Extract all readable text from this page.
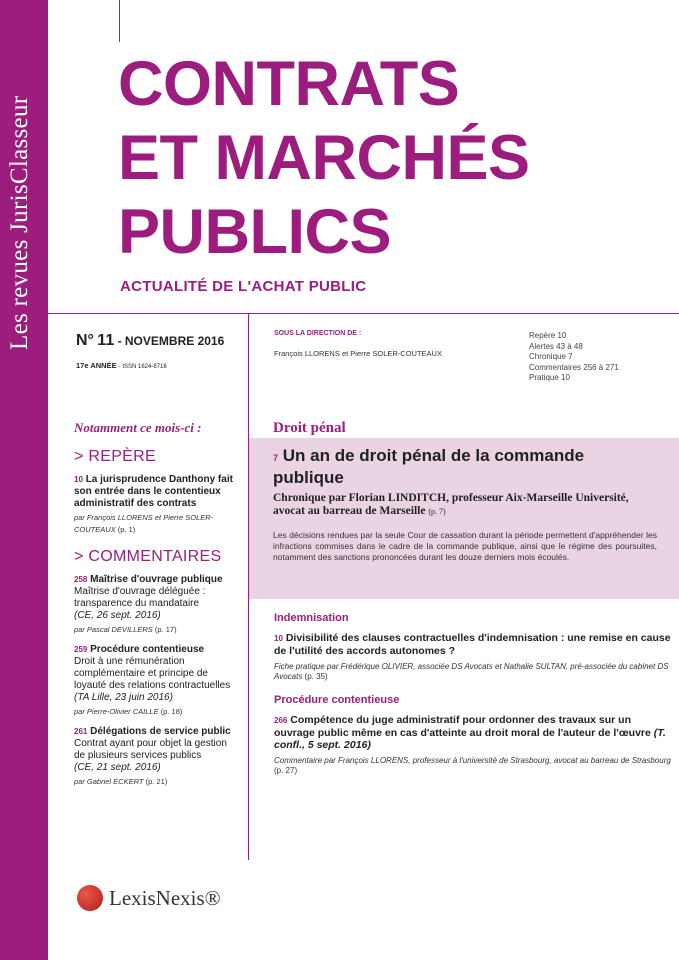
Les revues JurisClasseur
CONTRATS
ET MARCHÉS
PUBLICS
ACTUALITÉ DE L'ACHAT PUBLIC
N° 11 - NOVEMBRE 2016
17e ANNÉE - ISSN 1624-8716
SOUS LA DIRECTION DE :
François LLORENS et Pierre SOLER-COUTEAUX
Repère 10
Alertes 43 à 48
Chronique 7
Commentaires 256 à 271
Pratique 10
Notamment ce mois-ci :
> REPÈRE
10 La jurisprudence Danthony fait son entrée dans le contentieux administratif des contrats
par François LLORENS et Pierre SOLER-COUTEAUX (p. 1)
> COMMENTAIRES
258 Maîtrise d'ouvrage publique
Maîtrise d'ouvrage déléguée : transparence du mandataire
(CE, 26 sept. 2016)
par Pascal DEVILLERS (p. 17)
259 Procédure contentieuse
Droit à une rémunération complémentaire et principe de loyauté des relations contractuelles
(TA Lille, 23 juin 2016)
par Pierre-Olivier CAILLE (p. 18)
261 Délégations de service public
Contrat ayant pour objet la gestion de plusieurs services publics
(CE, 21 sept. 2016)
par Gabriel ECKERT (p. 21)
Droit pénal
7 Un an de droit pénal de la commande publique
Chronique par Florian LINDITCH, professeur Aix-Marseille Université, avocat au barreau de Marseille (p. 7)
Les décisions rendues par la seule Cour de cassation durant la période permettent d'appréhender les infractions commises dans le cadre de la commande publique, ainsi que le régime des poursuites, notamment des sanctions prononcées durant les douze derniers mois écoulés.
Indemnisation
10 Divisibilité des clauses contractuelles d'indemnisation : une remise en cause de l'utilité des accords autonomes ?
Fiche pratique par Frédérique OLIVIER, associée DS Avocats et Nathalie SULTAN, pré-associée du cabinet DS Avocats (p. 35)
Procédure contentieuse
266 Compétence du juge administratif pour ordonner des travaux sur un ouvrage public même en cas d'atteinte au droit moral de l'auteur de l'œuvre (T. confl., 5 sept. 2016)
Commentaire par François LLORENS, professeur à l'université de Strasbourg, avocat au barreau de Strasbourg (p. 27)
LexisNexis®
